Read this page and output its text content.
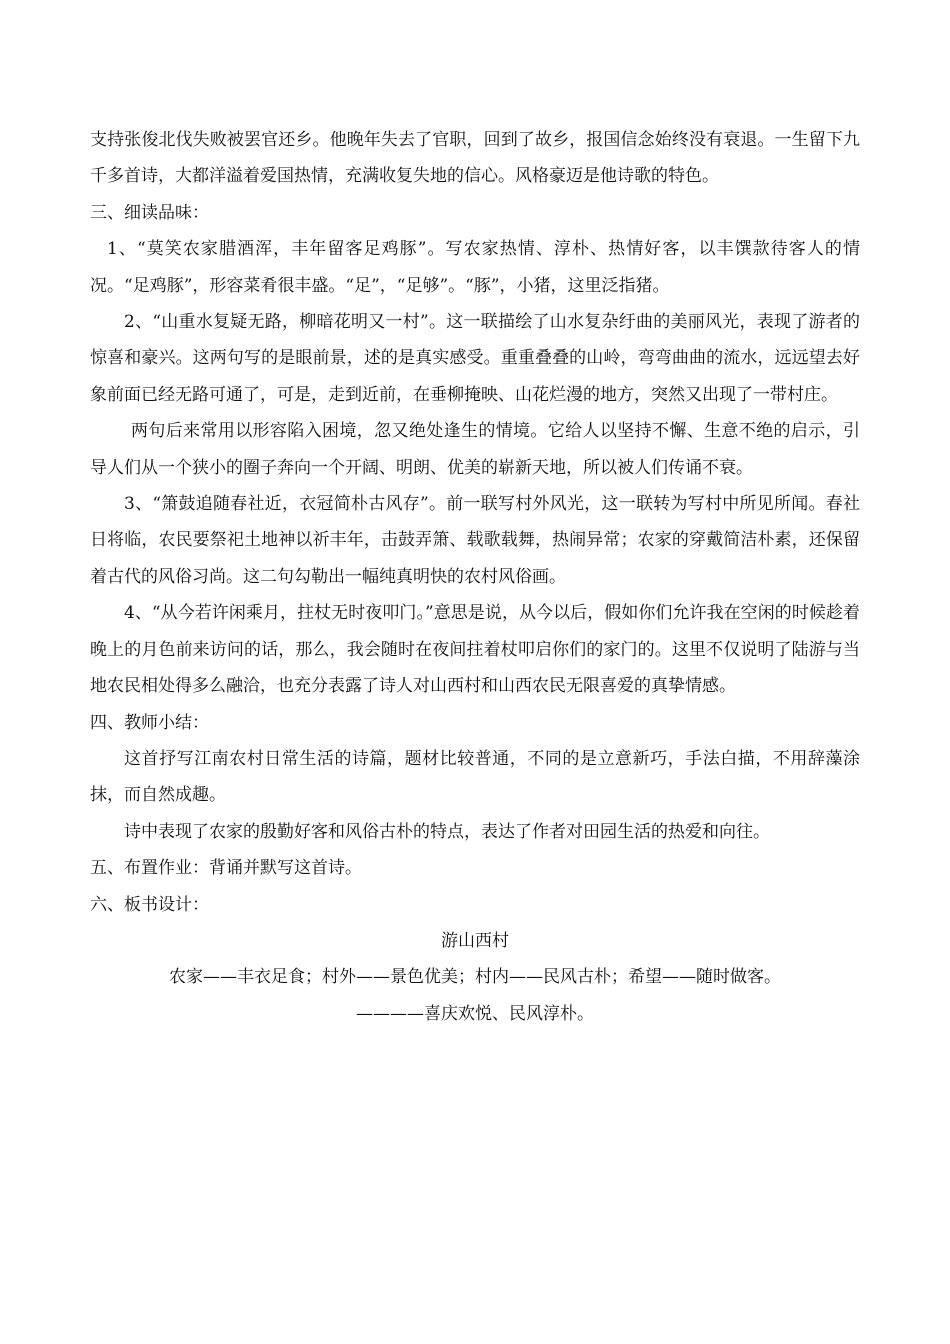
支持张俊北伐失败被罢官还乡。他晚年失去了官职，回到了故乡，报国信念始终没有衰退。一生留下九千多首诗，大都洋溢着爱国热情，充满收复失地的信心。风格豪迈是他诗歌的特色。

三、细读品味：

1、“莫笑农家腊酒浑，丰年留客足鸡豚”。写农家热情、淳朴、热情好客，以丰馔款待客人的情况。“足鸡豚”，形容菜肴很丰盛。“足”，“足够”。“豚”，小猪，这里泛指猪。

2、“山重水复疑无路，柳暗花明又一村”。这一联描绘了山水复杂纡曲的美丽风光，表现了游者的惊喜和豪兴。这两句写的是眼前景，述的是真实感受。重重叠叠的山岭，弯弯曲曲的流水，远远望去好象前面已经无路可通了，可是，走到近前，在垂柳掩映、山花烂漫的地方，突然又出现了一带村庄。

两句后来常用以形容陷入困境，忽又绝处逢生的情境。它给人以坚持不懈、生意不绝的启示，引导人们从一个狭小的圈子奔向一个开阔、明朗、优美的崭新天地，所以被人们传诵不衰。

3、“箫鼓追随春社近，衣冠简朴古风存”。前一联写村外风光，这一联转为写村中所见所闻。春社日将临，农民要祭祀土地神以祈丰年，击鼓弄箫、载歌载舞，热闹异常；农家的穿戴简洁朴素，还保留着古代的风俗习尚。这二句勾勒出一幅纯真明快的农村风俗画。

4、“从今若许闲乘月，拄杖无时夜叩门。”意思是说，从今以后，假如你们允许我在空闲的时候趁着晚上的月色前来访问的话，那么，我会随时在夜间拄着杖叩启你们的家门的。这里不仅说明了陆游与当地农民相处得多么融洽，也充分表露了诗人对山西村和山西农民无限喜爱的真挚情感。

四、教师小结：

这首抒写江南农村日常生活的诗篇，题材比较普通，不同的是立意新巧，手法白描，不用辞藻涂抹，而自然成趣。

诗中表现了农家的殷勤好客和风俗古朴的特点，表达了作者对田园生活的热爱和向往。

五、布置作业：背诵并默写这首诗。

六、板书设计：

游山西村

农家——丰衣足食；村外——景色优美；村内——民风古朴；希望——随时做客。

————喜庆欢悦、民风淳朴。
